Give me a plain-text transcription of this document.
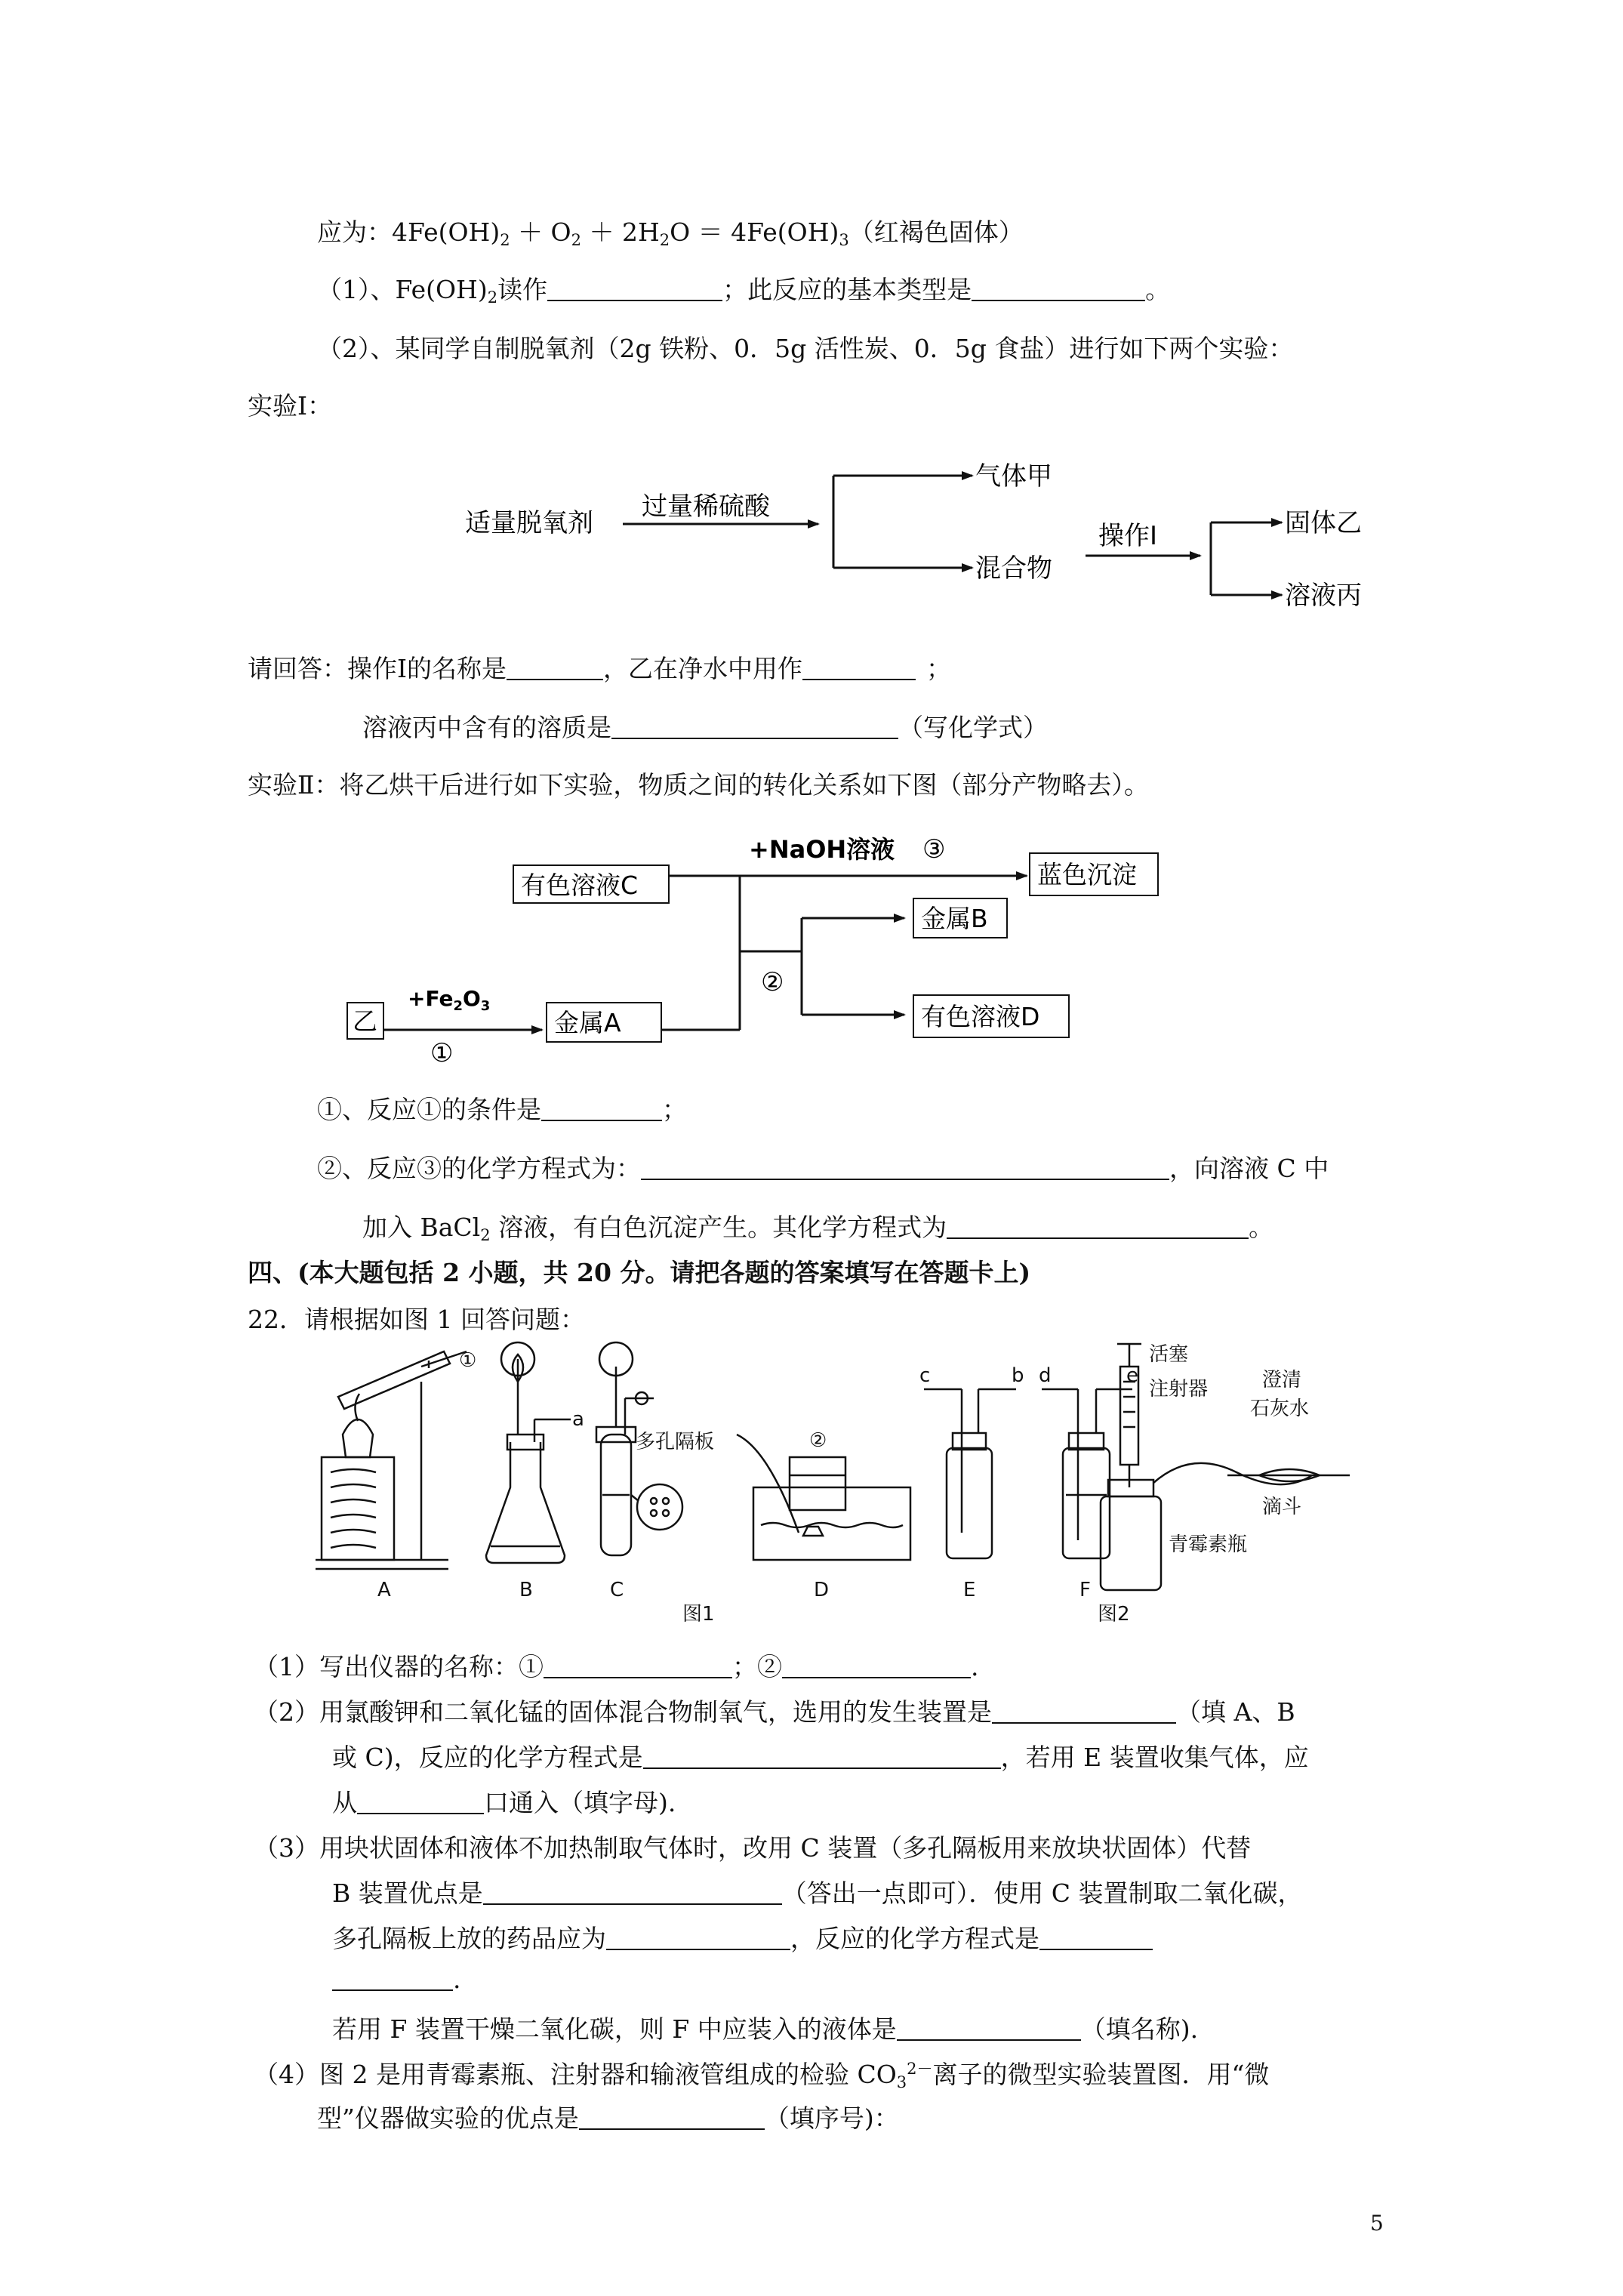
应为：$4Fe(OH)_2 + O_2 + 2H_2O = 4Fe(OH)_3$（红褐色固体）
（1）、$Fe(OH)_2$读作	；此反应的基本类型是	。
（2）、某同学自制脱氧剂（2g 铁粉、0．5g 活性炭、0．5g 食盐）进行如下两个实验：
实验Ⅰ：
适量脱氧剂
过量稀硫酸
气体甲
混合物
操作Ⅰ	固体乙
溶液丙
请回答：操作Ⅰ的名称是	，乙在净水中用作	；
溶液丙中含有的溶质是	（写化学式）
实验Ⅱ：将乙烘干后进行如下实验，物质之间的转化关系如下图（部分产物略去）。
有色溶液C
+NaOH溶液 ③
蓝色沉淀
②
金属B
有色溶液D
乙
$+Fe_2O_3$
①
金属A
①、反应①的条件是	；
②、反应③的化学方程式为：	，向溶液 C 中
加入 BaCl$_2$ 溶液，有白色沉淀产生。其化学方程式为	。
四、(本大题包括 2 小题，共 20 分。请把各题的答案填写在答题卡上)
22．请根据如图 1 回答问题：
①
a
多孔隔板	②
c	b d	e
活塞
注射器	澄清
石灰水
滴斗
青霉素瓶
A	B	C	D	E	F
图1	图2
（1）写出仪器的名称：①	；②	.
（2）用氯酸钾和二氧化锰的固体混合物制氧气，选用的发生装置是	（填 A、B
或 C)，反应的化学方程式是	，若用 E 装置收集气体，应
从	口通入（填字母).
（3）用块状固体和液体不加热制取气体时，改用 C 装置（多孔隔板用来放块状固体）代替
B 装置优点是	（答出一点即可）．使用 C 装置制取二氧化碳，
多孔隔板上放的药品应为	，反应的化学方程式是
.
若用 F 装置干燥二氧化碳，则 F 中应装入的液体是	（填名称).
（4）图 2 是用青霉素瓶、注射器和输液管组成的检验 $CO_3^{2-}$离子的微型实验装置图．用“微
型”仪器做实验的优点是	（填序号)：
5
